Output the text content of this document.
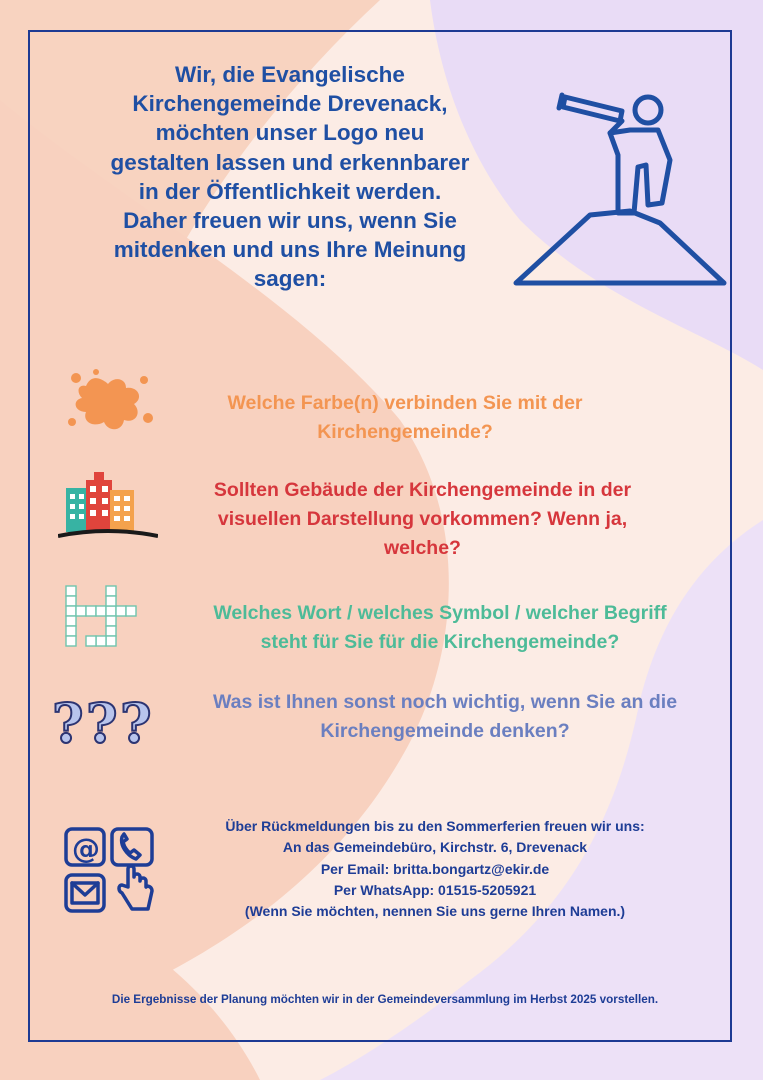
Wir, die Evangelische
Kirchengemeinde Drevenack,
möchten unser Logo neu
gestalten lassen und erkennbarer
in der Öffentlichkeit werden.
Daher freuen wir uns, wenn Sie
mitdenken und uns Ihre Meinung
sagen:

Welche Farbe(n) verbinden Sie mit der
Kirchengemeinde?

Sollten Gebäude der Kirchengemeinde in der
visuellen Darstellung vorkommen? Wenn ja,
welche?

Welches Wort / welches Symbol / welcher Begriff
steht für Sie für die Kirchengemeinde?

? ? ?	Was ist Ihnen sonst noch wichtig, wenn Sie an die
Kirchengemeinde denken?

@
Über Rückmeldungen bis zu den Sommerferien freuen wir uns:
An das Gemeindebüro, Kirchstr. 6, Drevenack
Per Email: britta.bongartz@ekir.de
Per WhatsApp: 01515-5205921
(Wenn Sie möchten, nennen Sie uns gerne Ihren Namen.)
Die Ergebnisse der Planung möchten wir in der Gemeindeversammlung im Herbst 2025 vorstellen.
